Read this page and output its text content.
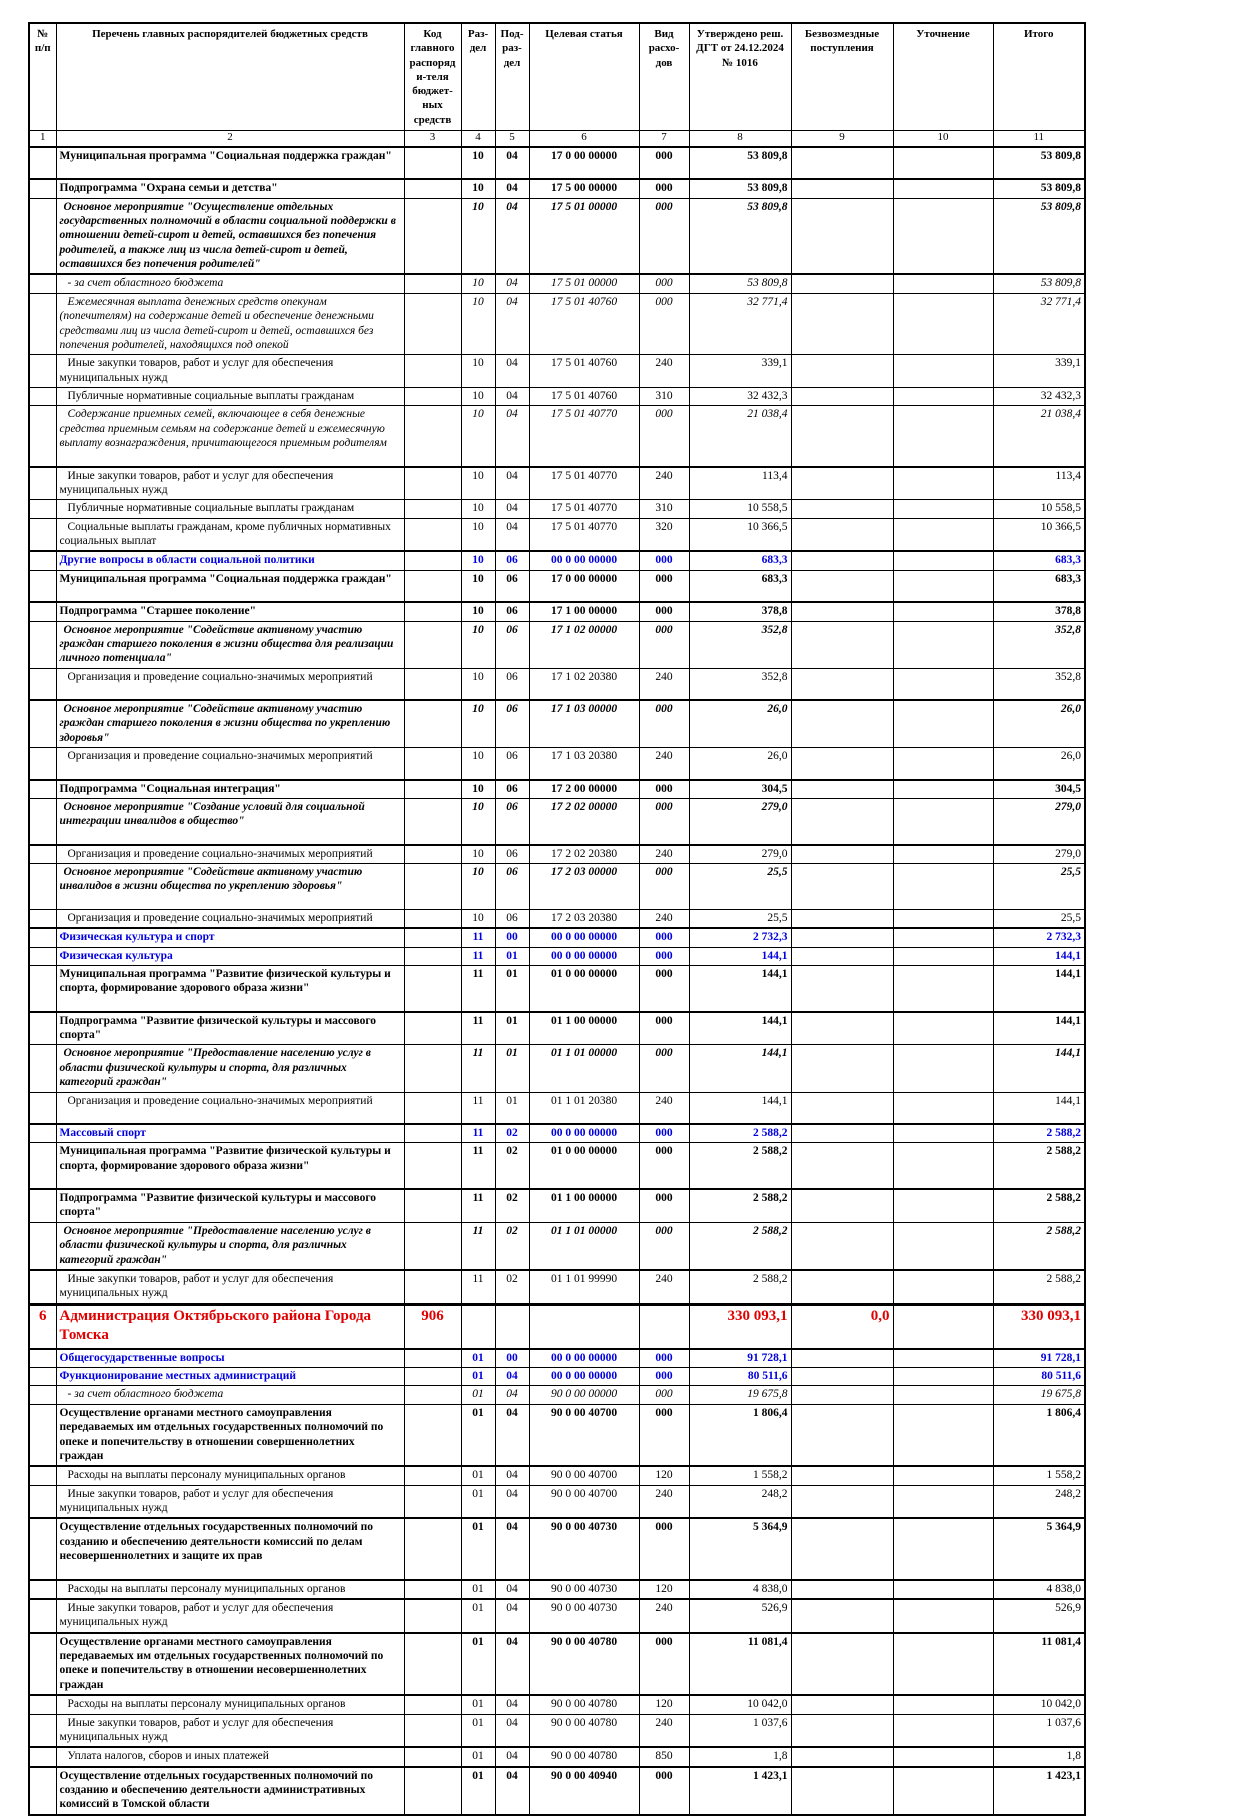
№ п/п	Перечень главных распорядителей бюджетных средств	Код главного распоряди-теля бюджет-ных средств	Раз-дел	Под-раз-дел	Целевая статья	Вид расхо-дов	Утверждено реш. ДГТ от 24.12.2024 № 1016	Безвозмездные поступления	Уточнение	Итого
1	2	3	4	5	6	7	8	9	10	11
	Муниципальная программа "Социальная поддержка граждан"		10	04	17 0 00 00000	000	53 809,8			53 809,8
	Подпрограмма "Охрана семьи и детства"		10	04	17 5 00 00000	000	53 809,8			53 809,8
	Основное мероприятие "Осуществление отдельных государственных полномочий в области социальной поддержки в отношении детей-сирот и детей, оставшихся без попечения родителей, а также лиц из числа детей-сирот и детей, оставшихся без попечения родителей"		10	04	17 5 01 00000	000	53 809,8			53 809,8
	- за счет областного бюджета		10	04	17 5 01 00000	000	53 809,8			53 809,8
	Ежемесячная выплата денежных средств опекунам (попечителям) на содержание детей и обеспечение денежными средствами лиц из числа детей-сирот и детей, оставшихся без попечения родителей, находящихся под опекой		10	04	17 5 01 40760	000	32 771,4			32 771,4
	Иные закупки товаров, работ и услуг для обеспечения муниципальных нужд		10	04	17 5 01 40760	240	339,1			339,1
	Публичные нормативные социальные выплаты гражданам		10	04	17 5 01 40760	310	32 432,3			32 432,3
	Содержание приемных семей, включающее в себя денежные средства приемным семьям на содержание детей и ежемесячную выплату вознаграждения, причитающегося приемным родителям		10	04	17 5 01 40770	000	21 038,4			21 038,4
	Иные закупки товаров, работ и услуг для обеспечения муниципальных нужд		10	04	17 5 01 40770	240	113,4			113,4
	Публичные нормативные социальные выплаты гражданам		10	04	17 5 01 40770	310	10 558,5			10 558,5
	Социальные выплаты гражданам, кроме публичных нормативных социальных выплат		10	04	17 5 01 40770	320	10 366,5			10 366,5
	Другие вопросы в области социальной политики		10	06	00 0 00 00000	000	683,3			683,3
	Муниципальная программа "Социальная поддержка граждан"		10	06	17 0 00 00000	000	683,3			683,3
	Подпрограмма "Старшее поколение"		10	06	17 1 00 00000	000	378,8			378,8
	Основное мероприятие "Содействие активному участию граждан старшего поколения в жизни общества для реализации личного потенциала"		10	06	17 1 02 00000	000	352,8			352,8
	Организация и проведение социально-значимых мероприятий		10	06	17 1 02 20380	240	352,8			352,8
	Основное мероприятие "Содействие активному участию граждан старшего поколения в жизни общества по укреплению здоровья"		10	06	17 1 03 00000	000	26,0			26,0
	Организация и проведение социально-значимых мероприятий		10	06	17 1 03 20380	240	26,0			26,0
	Подпрограмма "Социальная интеграция"		10	06	17 2 00 00000	000	304,5			304,5
	Основное мероприятие "Создание условий для социальной интеграции инвалидов в общество"		10	06	17 2 02 00000	000	279,0			279,0
	Организация и проведение социально-значимых мероприятий		10	06	17 2 02 20380	240	279,0			279,0
	Основное мероприятие "Содействие активному участию инвалидов в жизни общества по укреплению здоровья"		10	06	17 2 03 00000	000	25,5			25,5
	Организация и проведение социально-значимых мероприятий		10	06	17 2 03 20380	240	25,5			25,5
	Физическая культура и спорт		11	00	00 0 00 00000	000	2 732,3			2 732,3
	Физическая культура		11	01	00 0 00 00000	000	144,1			144,1
	Муниципальная программа "Развитие физической культуры и спорта, формирование здорового образа жизни"		11	01	01 0 00 00000	000	144,1			144,1
	Подпрограмма "Развитие физической культуры и массового спорта"		11	01	01 1 00 00000	000	144,1			144,1
	Основное мероприятие "Предоставление населению услуг в области физической культуры и спорта, для различных категорий граждан"		11	01	01 1 01 00000	000	144,1			144,1
	Организация и проведение социально-значимых мероприятий		11	01	01 1 01 20380	240	144,1			144,1
	Массовый спорт		11	02	00 0 00 00000	000	2 588,2			2 588,2
	Муниципальная программа "Развитие физической культуры и спорта, формирование здорового образа жизни"		11	02	01 0 00 00000	000	2 588,2			2 588,2
	Подпрограмма "Развитие физической культуры и массового спорта"		11	02	01 1 00 00000	000	2 588,2			2 588,2
	Основное мероприятие "Предоставление населению услуг в области физической культуры и спорта, для различных категорий граждан"		11	02	01 1 01 00000	000	2 588,2			2 588,2
	Иные закупки товаров, работ и услуг для обеспечения муниципальных нужд		11	02	01 1 01 99990	240	2 588,2			2 588,2
6	Администрация Октябрьского района Города Томска	906					330 093,1	0,0		330 093,1
	Общегосударственные вопросы		01	00	00 0 00 00000	000	91 728,1			91 728,1
	Функционирование местных администраций		01	04	00 0 00 00000	000	80 511,6			80 511,6
	- за счет областного бюджета		01	04	90 0 00 00000	000	19 675,8			19 675,8
	Осуществление органами местного самоуправления передаваемых им отдельных государственных полномочий по опеке и попечительству в отношении совершеннолетних граждан		01	04	90 0 00 40700	000	1 806,4			1 806,4
	Расходы на выплаты персоналу муниципальных органов		01	04	90 0 00 40700	120	1 558,2			1 558,2
	Иные закупки товаров, работ и услуг для обеспечения муниципальных нужд		01	04	90 0 00 40700	240	248,2			248,2
	Осуществление отдельных государственных полномочий по созданию и обеспечению деятельности комиссий по делам несовершеннолетних и защите их прав		01	04	90 0 00 40730	000	5 364,9			5 364,9
	Расходы на выплаты персоналу муниципальных органов		01	04	90 0 00 40730	120	4 838,0			4 838,0
	Иные закупки товаров, работ и услуг для обеспечения муниципальных нужд		01	04	90 0 00 40730	240	526,9			526,9
	Осуществление органами местного самоуправления передаваемых им отдельных государственных полномочий по опеке и попечительству в отношении несовершеннолетних граждан		01	04	90 0 00 40780	000	11 081,4			11 081,4
	Расходы на выплаты персоналу муниципальных органов		01	04	90 0 00 40780	120	10 042,0			10 042,0
	Иные закупки товаров, работ и услуг для обеспечения муниципальных нужд		01	04	90 0 00 40780	240	1 037,6			1 037,6
	Уплата налогов, сборов и иных платежей		01	04	90 0 00 40780	850	1,8			1,8
	Осуществление отдельных государственных полномочий по созданию и обеспечению деятельности административных комиссий в Томской области		01	04	90 0 00 40940	000	1 423,1			1 423,1
